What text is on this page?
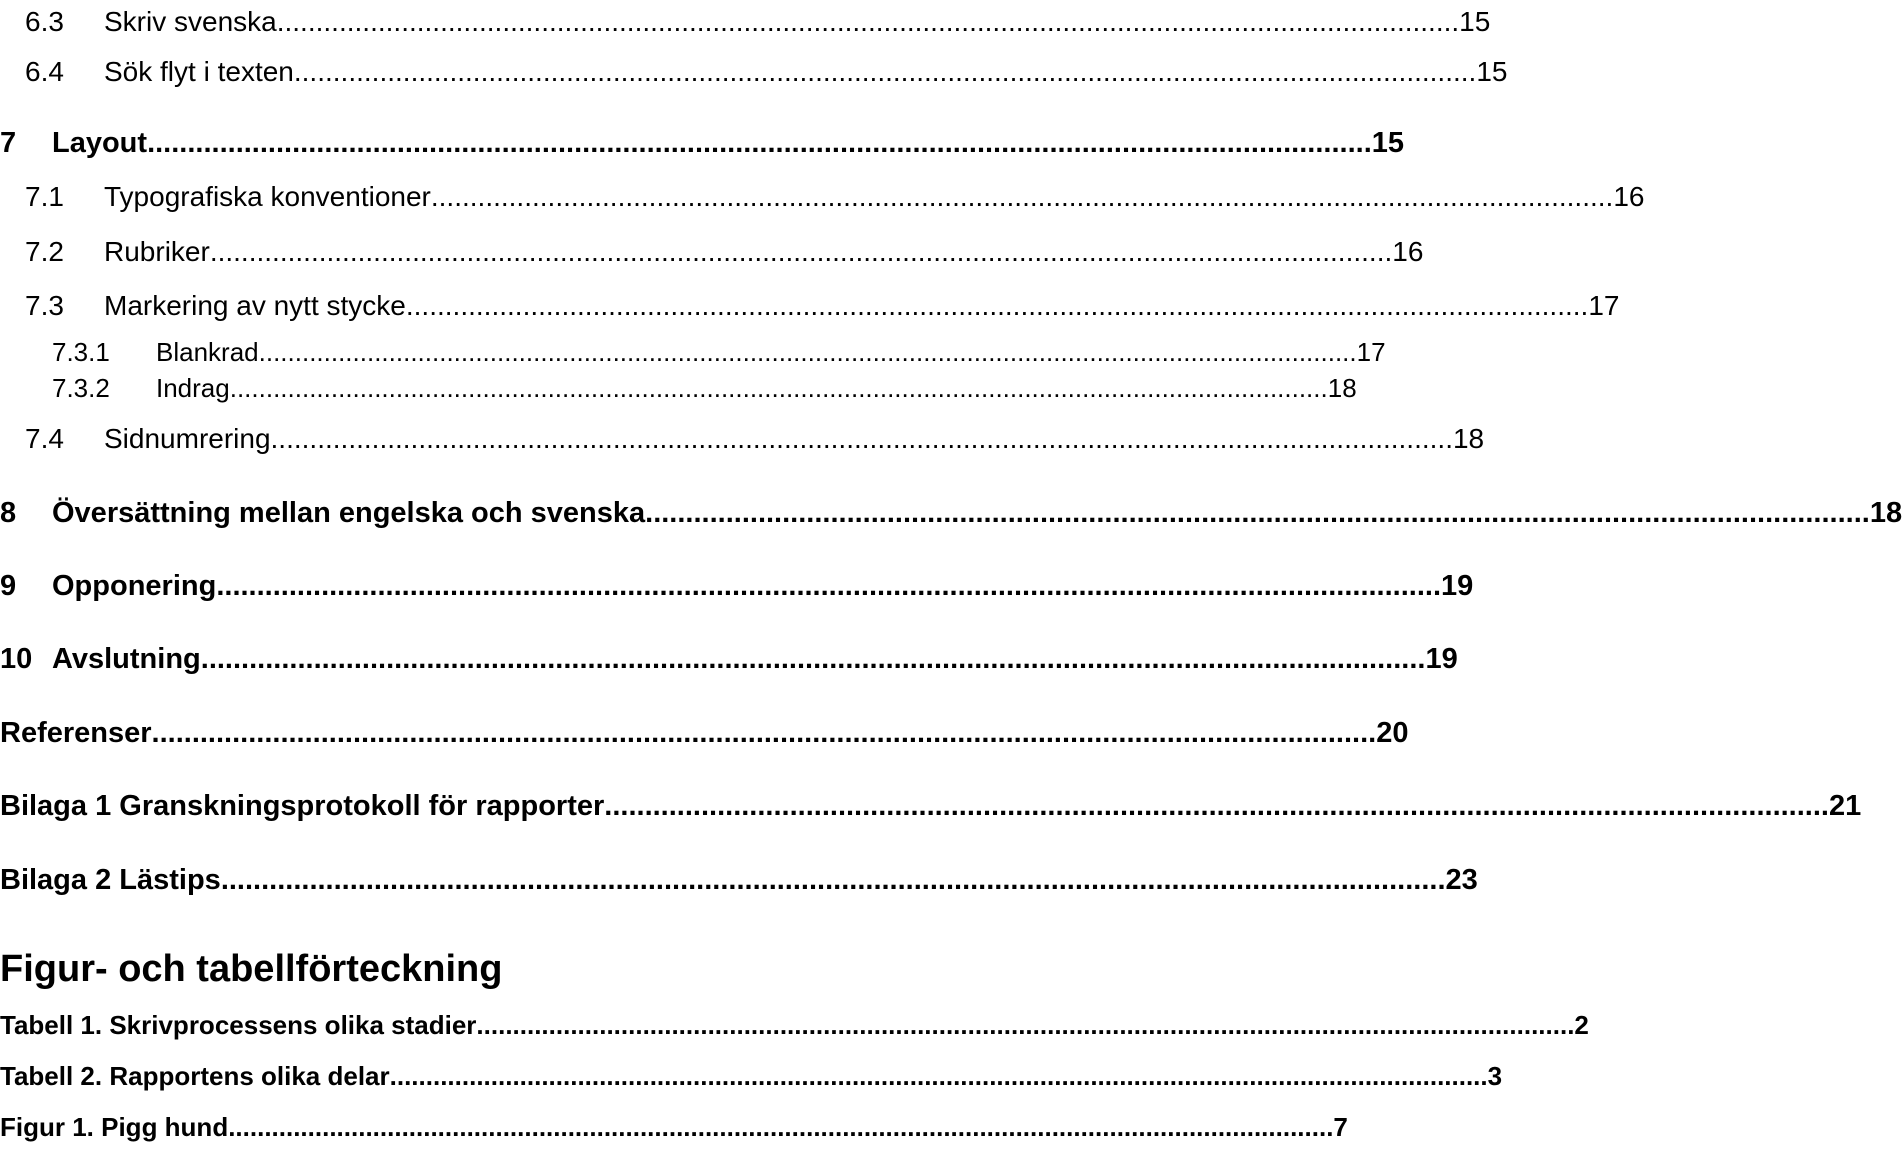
6.3 Skriv svenska ........................................................................................................................................................ 15
6.4 Sök flyt i texten ........................................................................................................................................................ 15
7 Layout ........................................................................................................................................................ 15
7.1 Typografiska konventioner ........................................................................................................................................................ 16
7.2 Rubriker ........................................................................................................................................................ 16
7.3 Markering av nytt stycke ........................................................................................................................................................ 17
7.3.1 Blankrad ........................................................................................................................................................ 17
7.3.2 Indrag ........................................................................................................................................................ 18
7.4 Sidnumrering ........................................................................................................................................................ 18
8 Översättning mellan engelska och svenska ........................................................................................................................................................ 18
9 Opponering ........................................................................................................................................................ 19
10 Avslutning ........................................................................................................................................................ 19
Referenser ........................................................................................................................................................ 20
Bilaga 1 Granskningsprotokoll för rapporter ........................................................................................................................................................ 21
Bilaga 2 Lästips ........................................................................................................................................................ 23
Figur- och tabellförteckning
Tabell 1. Skrivprocessens olika stadier ........................................................................................................................................................ 2
Tabell 2. Rapportens olika delar ........................................................................................................................................................ 3
Figur 1. Pigg hund. ........................................................................................................................................................ 7
